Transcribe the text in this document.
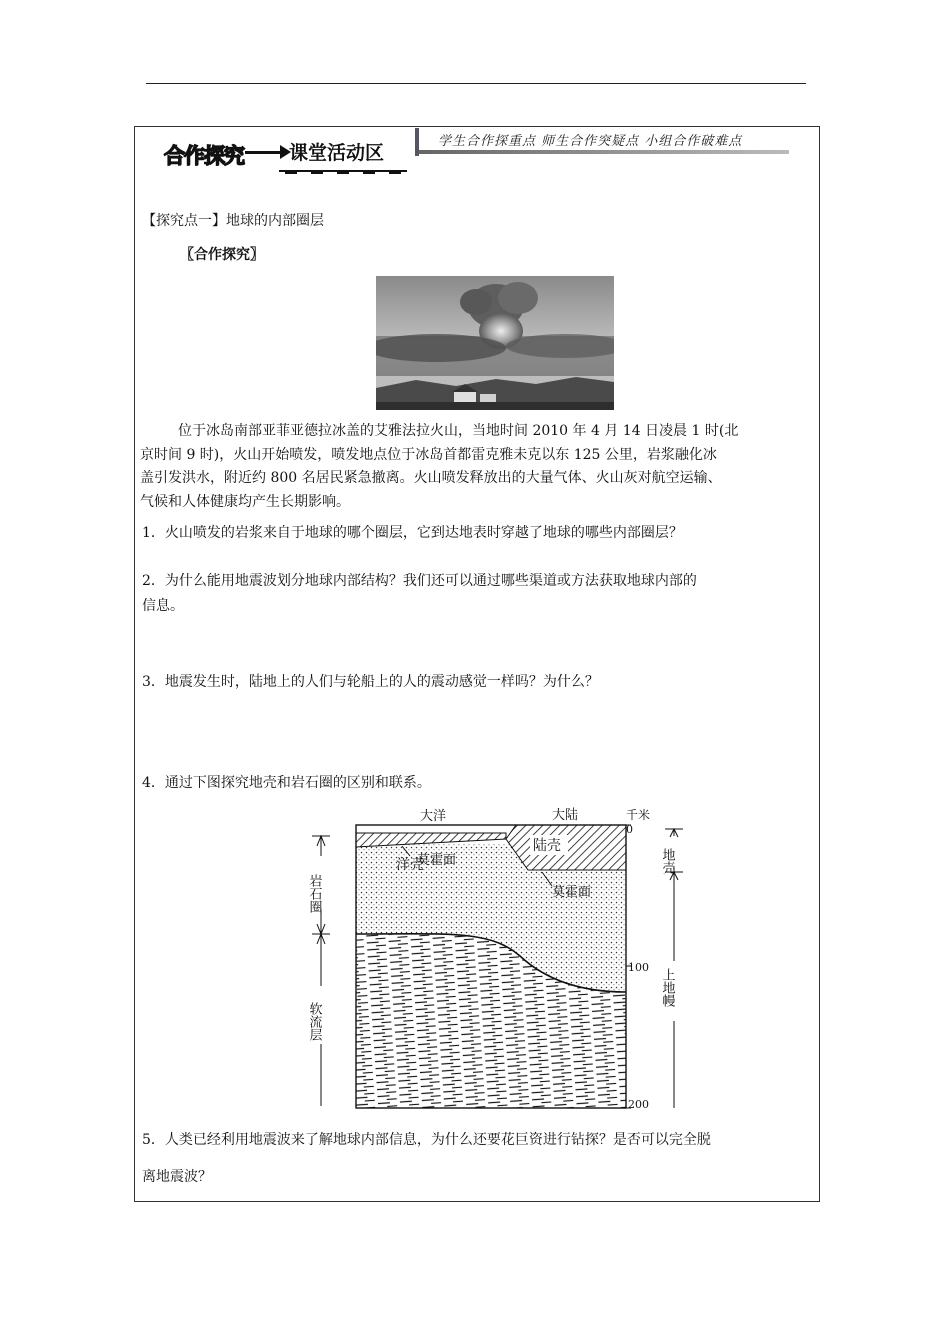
合作探究 课堂活动区
学生合作探重点 师生合作突疑点 小组合作破难点
【探究点一】地球的内部圈层
〖合作探究〗
位于冰岛南部亚菲亚德拉冰盖的艾雅法拉火山，当地时间 2010 年 4 月 14 日凌晨 1 时(北
京时间 9 时)，火山开始喷发，喷发地点位于冰岛首都雷克雅未克以东 125 公里，岩浆融化冰
盖引发洪水，附近约 800 名居民紧急撤离。火山喷发释放出的大量气体、火山灰对航空运输、
气候和人体健康均产生长期影响。
1．火山喷发的岩浆来自于地球的哪个圈层，它到达地表时穿越了地球的哪些内部圈层？
2．为什么能用地震波划分地球内部结构？我们还可以通过哪些渠道或方法获取地球内部的
信息。
3．地震发生时，陆地上的人们与轮船上的人的震动感觉一样吗？为什么？
4．通过下图探究地壳和岩石圈的区别和联系。
大洋	大陆	千米
0
100
200
洋壳
莫霍面
陆壳
莫霍面
岩石圈
软流层
地壳
上地幔
5．人类已经利用地震波来了解地球内部信息，为什么还要花巨资进行钻探？是否可以完全脱
离地震波？
